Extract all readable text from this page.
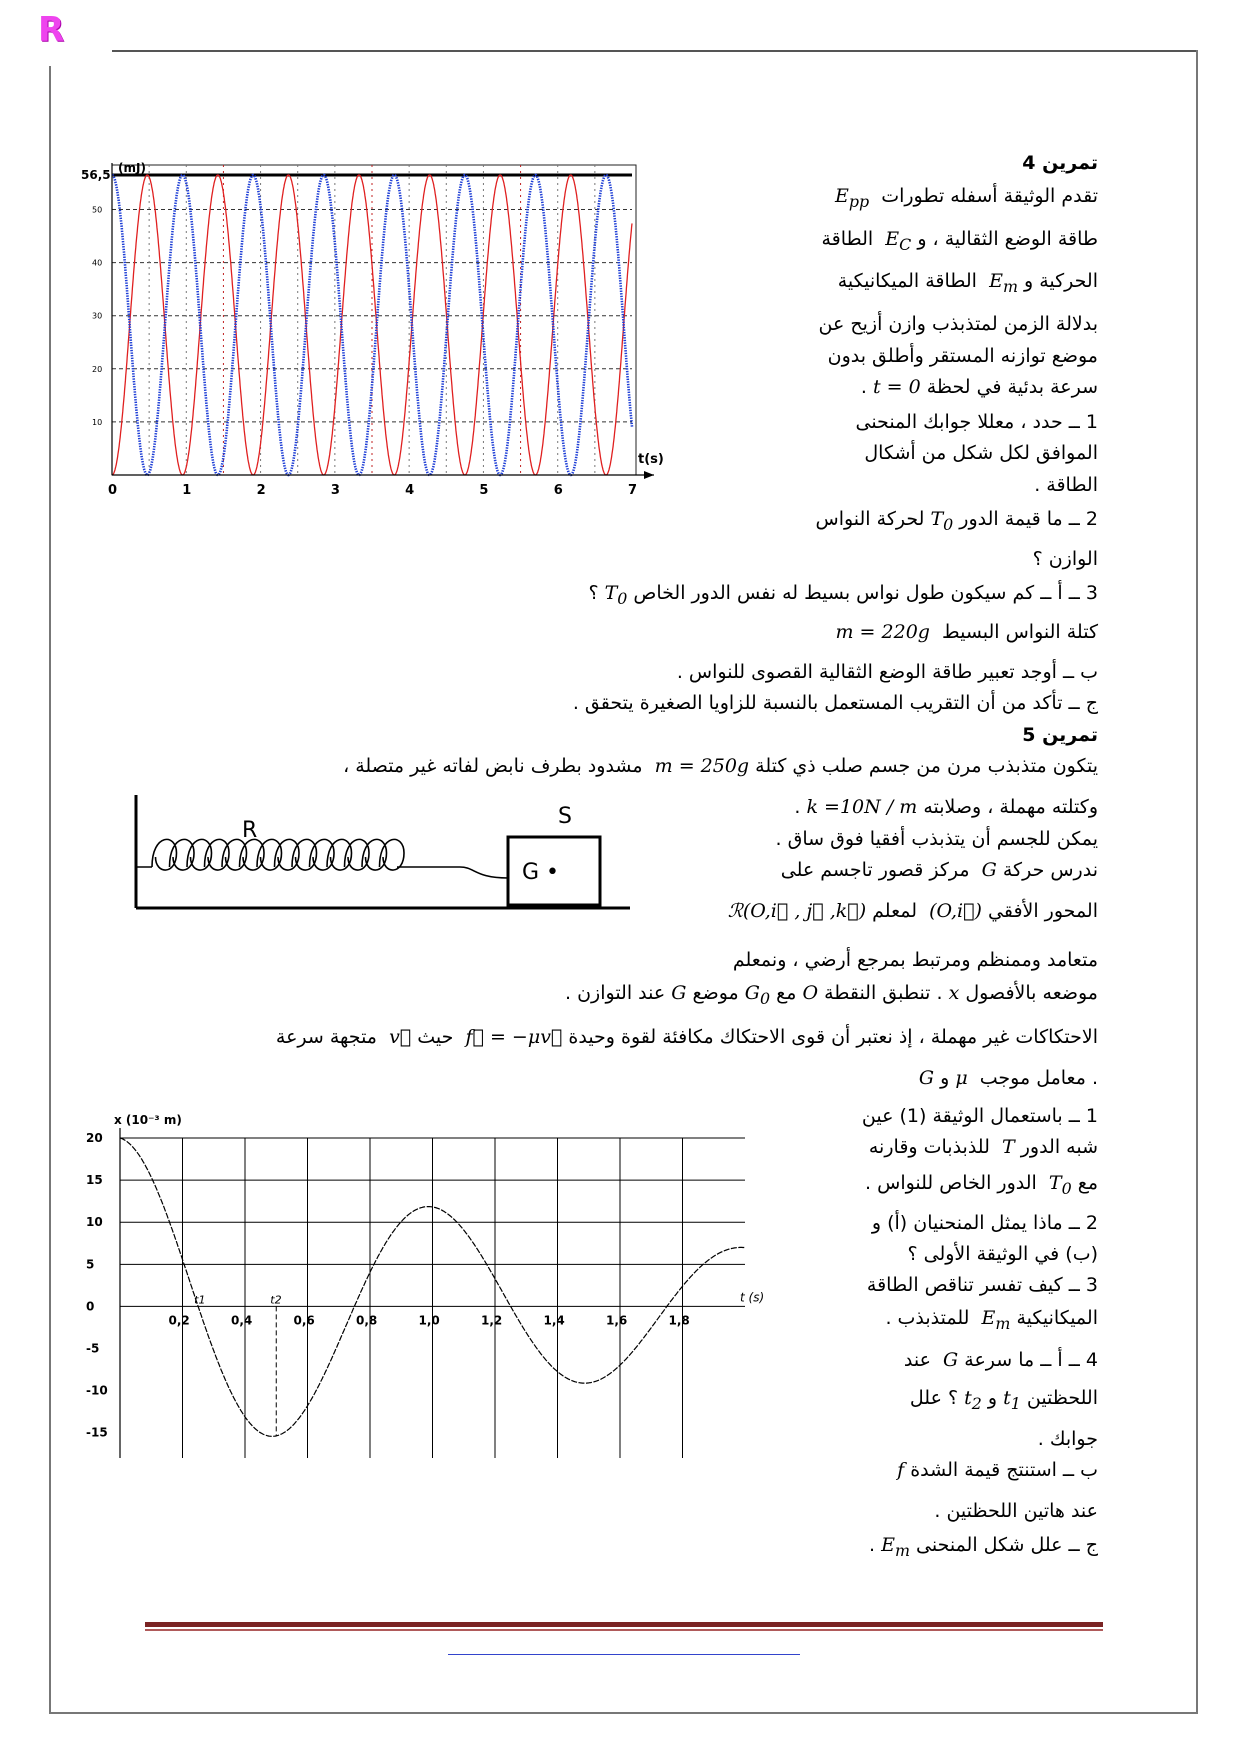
R
تمرين 4
تقدم الوثيقة أسفله تطورات  $E_{pp}$
طاقة الوضع الثقالية ، و $E_C$  الطاقة
الحركية و $E_m$  الطاقة الميكانيكية
بدلالة الزمن لمتذبذب وازن أزيح عن
موضع توازنه المستقر وأطلق بدون
سرعة بدئية في لحظة t = 0 .
1 ــ حدد ، معللا جوابك المنحنى
الموافق لكل شكل من أشكال
الطاقة .
2 ــ ما قيمة الدور $T_0$ لحركة النواس
الوازن ؟
3 ــ أ ــ كم سيكون طول نواس بسيط له نفس الدور الخاص $T_0$ ؟
كتلة النواس البسيط  m = 220g
ب ــ أوجد تعبير طاقة الوضع الثقالية القصوى للنواس .
ج ــ تأكد من أن التقريب المستعمل بالنسبة للزاويا الصغيرة يتحقق .
0	1	2	3	4	5	6	7
10
20
30
40
50
56,5 (mJ)
t(s)
تمرين 5
يتكون متذبذب مرن من جسم صلب ذي كتلة m = 250g  مشدود بطرف نابض لفاته غير متصلة ،
وكتلته مهملة ، وصلابته k =10N / m .
يمكن للجسم أن يتذبذب أفقيا فوق ساق .
ندرس حركة G  مركز قصور تاجسم على
المحور الأفقي (O,i⃗)  لمعلم ℛ(O,i⃗ , j⃗ ,k⃗)
متعامد وممنظم ومرتبط بمرجع أرضي ، ونمعلم
موضعه بالأفصول x . تنطبق النقطة O مع $G_0$ موضع G عند التوازن .
الاحتكاكات غير مهملة ، إذ نعتبر أن قوى الاحتكاك مكافئة لقوة وحيدة f⃗ = −μv⃗  حيث v⃗  متجهة سرعة
G و μ معامل موجب .
1 ــ باستعمال الوثيقة (1) عين
شبه الدور T  للذبذبات وقارنه
مع $T_0$  الدور الخاص للنواس .
2 ــ ماذا يمثل المنحنيان (أ) و
(ب) في الوثيقة الأولى ؟
3 ــ كيف تفسر تناقص الطاقة
الميكانيكية $E_m$  للمتذبذب .
4 ــ أ ــ ما سرعة G  عند
اللحظتين $t_1$ و $t_2$ ؟ علل
جوابك .
ب ــ استنتج قيمة الشدة f
عند هاتين اللحظتين .
ج ــ علل شكل المنحنى $E_m$ .
R
S
G •
0,2	0,4	0,6	0,8	1,0	1,2	1,4	1,6	1,8
20
15
10
5
0
-5
-10
-15
x (10⁻³ m)
t (s)
t1	t2
